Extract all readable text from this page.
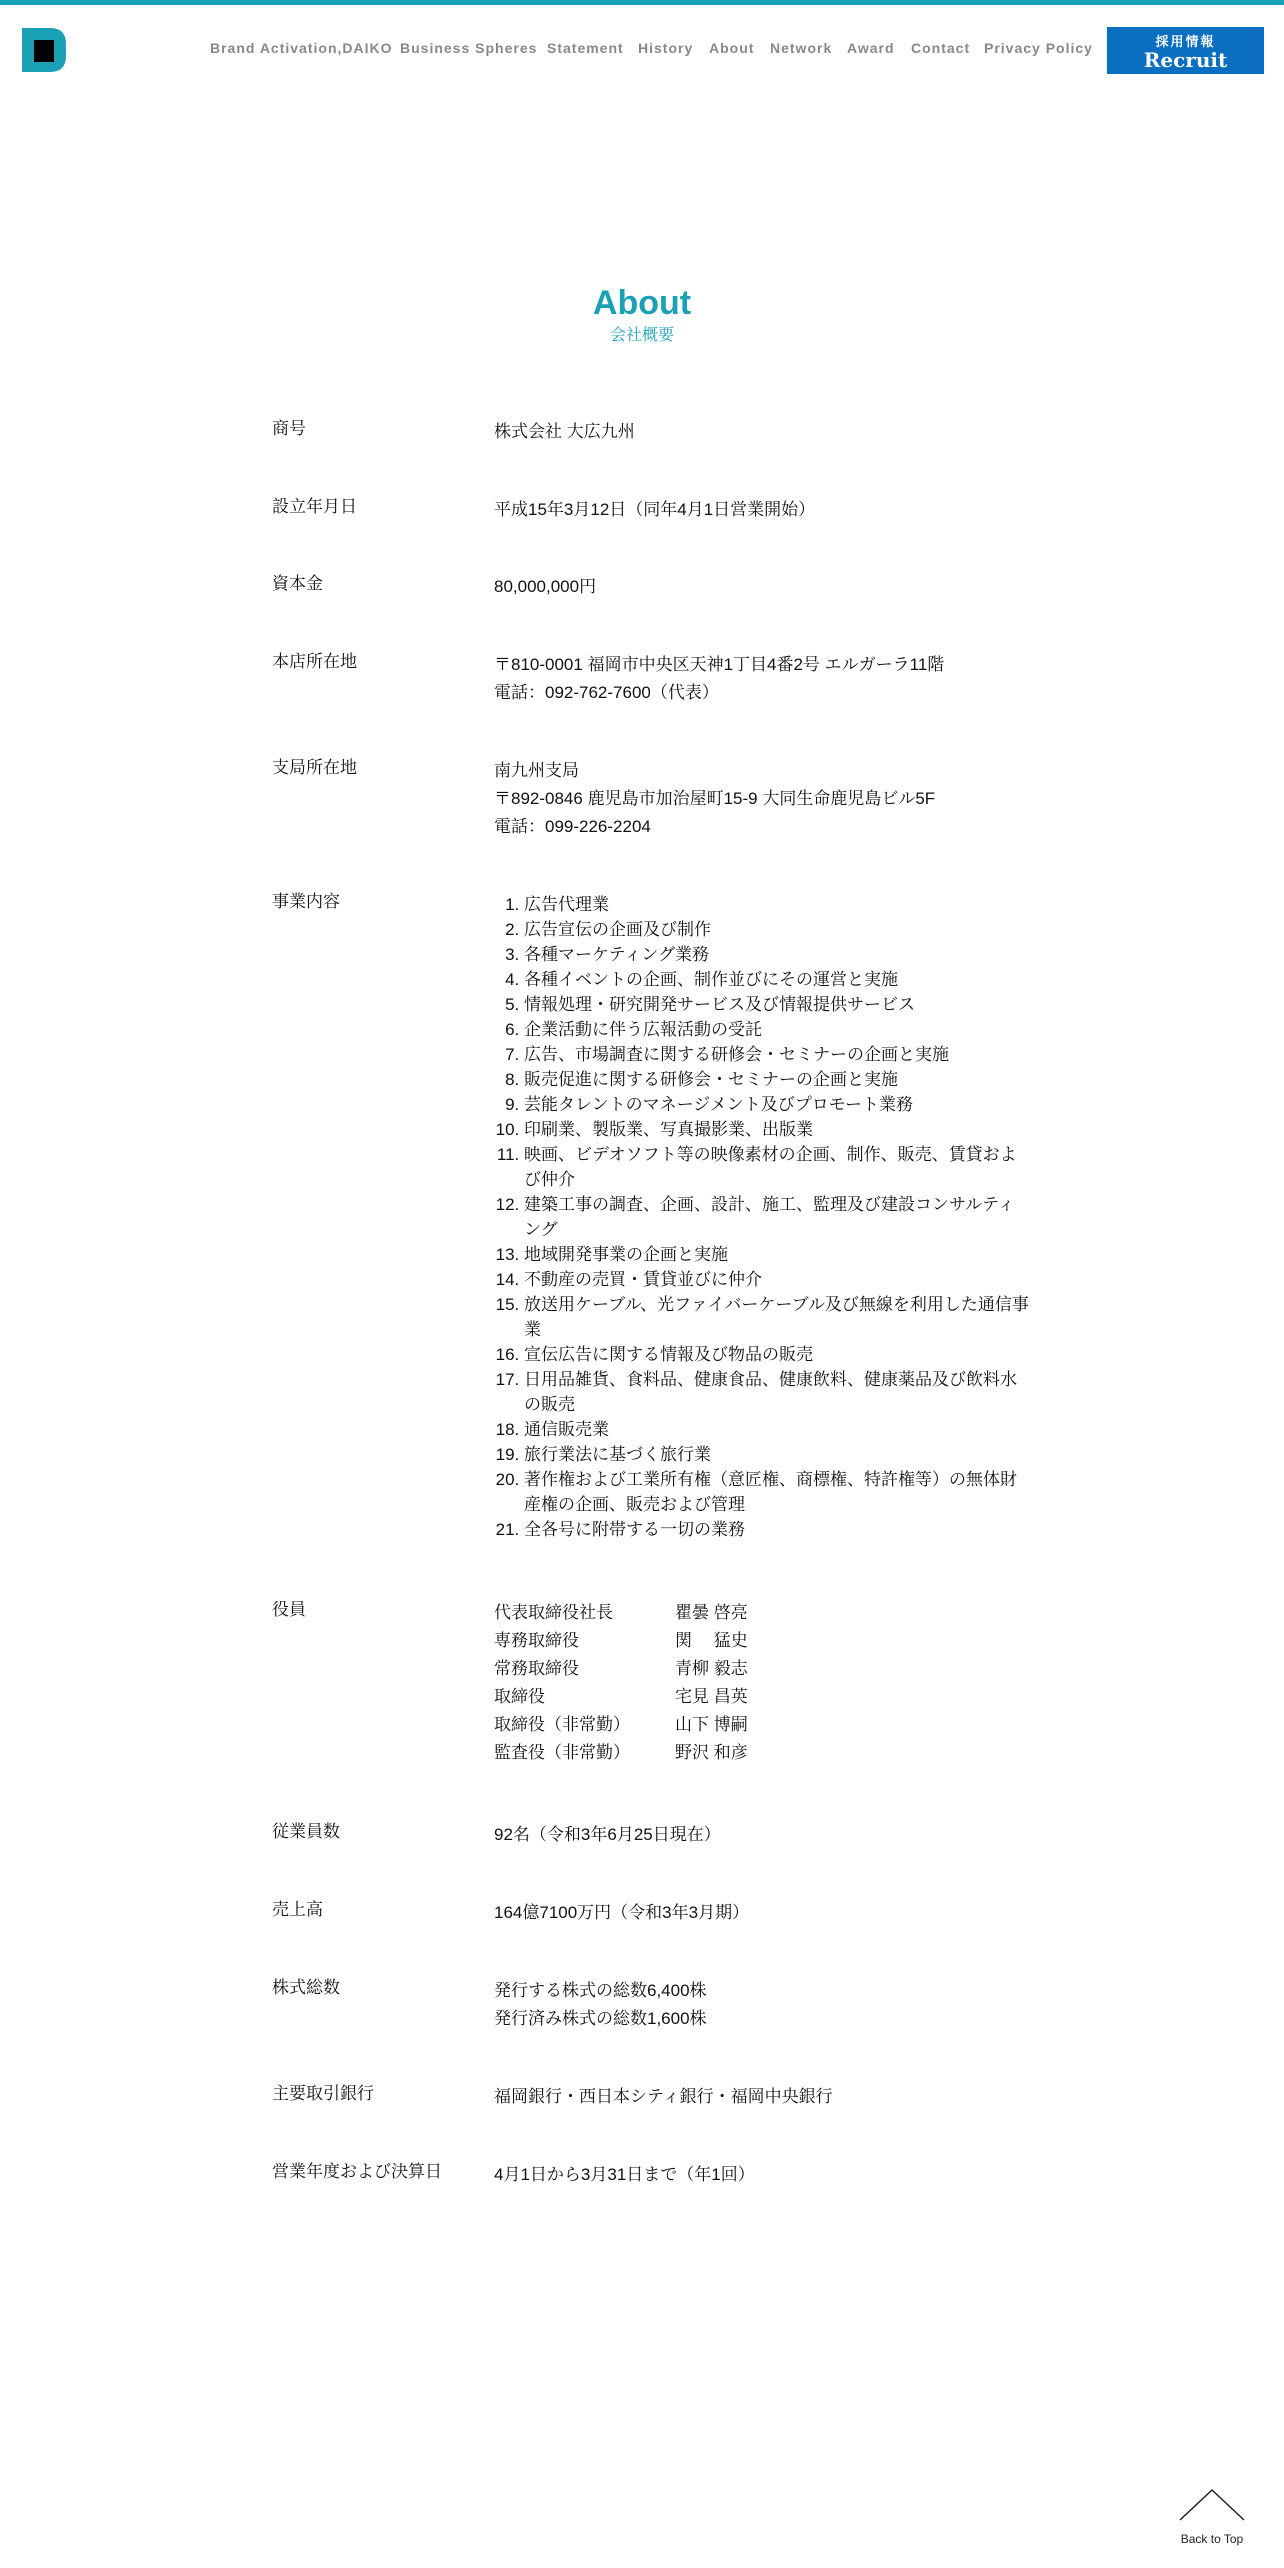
Brand Activation,DAIKO Business Spheres Statement History About Network Award Contact Privacy Policy	採用情報
Recruit
About
会社概要
商号	株式会社 大広九州
設立年月日	平成15年3月12日（同年4月1日営業開始）
資本金	80,000,000円
本店所在地	〒810-0001 福岡市中央区天神1丁目4番2号 エルガーラ11階
電話：092-762-7600（代表）
支局所在地	南九州支局
〒892-0846 鹿児島市加治屋町15-9 大同生命鹿児島ビル5F
電話：099-226-2204
事業内容
1.	広告代理業
2. 広告宣伝の企画及び制作
3. 各種マーケティング業務
4. 各種イベントの企画、制作並びにその運営と実施
5. 情報処理・研究開発サービス及び情報提供サービス
6. 企業活動に伴う広報活動の受託
7. 広告、市場調査に関する研修会・セミナーの企画と実施
8. 販売促進に関する研修会・セミナーの企画と実施
9. 芸能タレントのマネージメント及びプロモート業務
10. 印刷業、製版業、写真撮影業、出版業
11. 映画、ビデオソフト等の映像素材の企画、制作、販売、賃貸および仲介
12. 建築工事の調査、企画、設計、施工、監理及び建設コンサルティング
13. 地域開発事業の企画と実施
14. 不動産の売買・賃貸並びに仲介
15. 放送用ケーブル、光ファイバーケーブル及び無線を利用した通信事業
16. 宣伝広告に関する情報及び物品の販売
17. 日用品雑貨、食料品、健康食品、健康飲料、健康薬品及び飲料水の販売
18. 通信販売業
19. 旅行業法に基づく旅行業
20. 著作権および工業所有権（意匠権、商標権、特許権等）の無体財産権の企画、販売および管理
21. 全各号に附帯する一切の業務
役員	代表取締役社長	瞿曇 啓亮
専務取締役	関　 猛史
常務取締役	青柳 毅志
取締役	宅見 昌英
取締役（非常勤）	山下 博嗣
監査役（非常勤）	野沢 和彦
従業員数	92名（令和3年6月25日現在）
売上高	164億7100万円（令和3年3月期）
株式総数	発行する株式の総数6,400株
発行済み株式の総数1,600株
主要取引銀行	福岡銀行・西日本シティ銀行・福岡中央銀行
営業年度および決算日	4月1日から3月31日まで（年1回）
Back to Top
